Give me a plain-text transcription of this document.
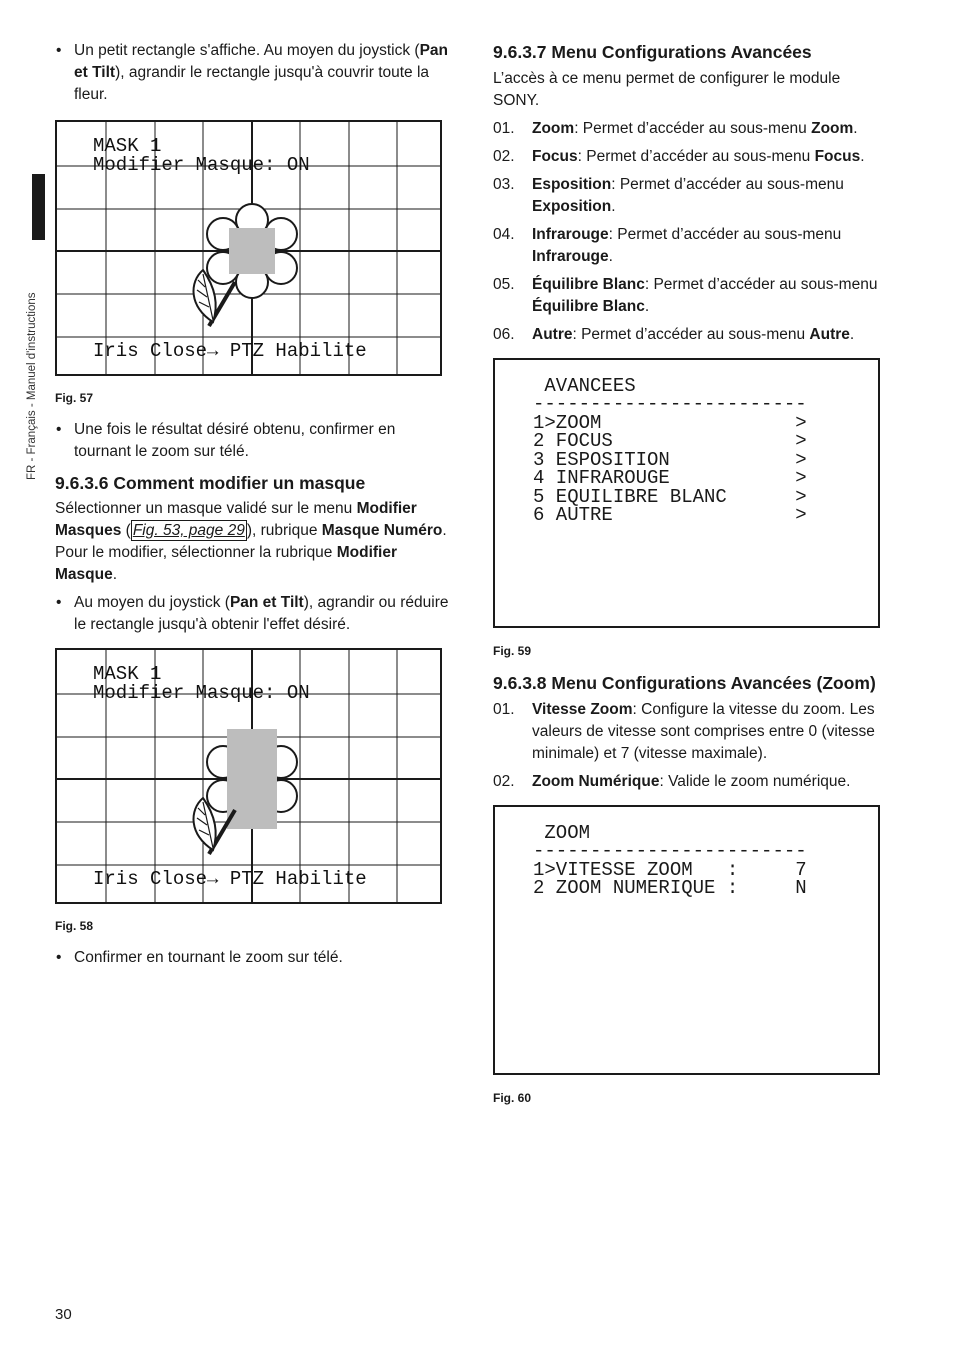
FR - Français - Manuel d'instructions

• Un petit rectangle s'affiche. Au moyen du joystick (Pan et Tilt), agrandir le rectangle jusqu'à couvrir toute la fleur.

MASK 1
Modifier Masque: ON
Iris Close→ PTZ Habilite
Fig. 57

• Une fois le résultat désiré obtenu, confirmer en tournant le zoom sur télé.

9.6.3.6 Comment modifier un masque

Sélectionner un masque validé sur le menu Modifier Masques ( Fig. 53, page 29 ), rubrique Masque Numéro. Pour le modifier, sélectionner la rubrique Modifier Masque.

• Au moyen du joystick (Pan et Tilt), agrandir ou réduire le rectangle jusqu'à obtenir l'effet désiré.

MASK 1
Modifier Masque: ON
Iris Close→ PTZ Habilite
Fig. 58

• Confirmer en tournant le zoom sur télé.

9.6.3.7 Menu Configurations Avancées

L’accès à ce menu permet de configurer le module SONY.

01. Zoom: Permet d’accéder au sous-menu Zoom.

02. Focus: Permet d’accéder au sous-menu Focus.

03. Esposition: Permet d’accéder au sous-menu Exposition.

04. Infrarouge: Permet d’accéder au sous-menu Infrarouge.

05. Équilibre Blanc: Permet d’accéder au sous-menu Équilibre Blanc.

06. Autre: Permet d’accéder au sous-menu Autre.

AVANCEES
------------------------
1>ZOOM                 >
2 FOCUS                >
3 ESPOSITION           >
4 INFRAROUGE           >
5 EQUILIBRE BLANC      >
6 AUTRE                >
Fig. 59
9.6.3.8 Menu Configurations Avancées (Zoom)

01. Vitesse Zoom: Configure la vitesse du zoom. Les valeurs de vitesse sont comprises entre 0 (vitesse minimale) et 7 (vitesse maximale).

02. Zoom Numérique: Valide le zoom numérique.

ZOOM
------------------------
1>VITESSE ZOOM   :     7
2 ZOOM NUMERIQUE :     N
Fig. 60
30
